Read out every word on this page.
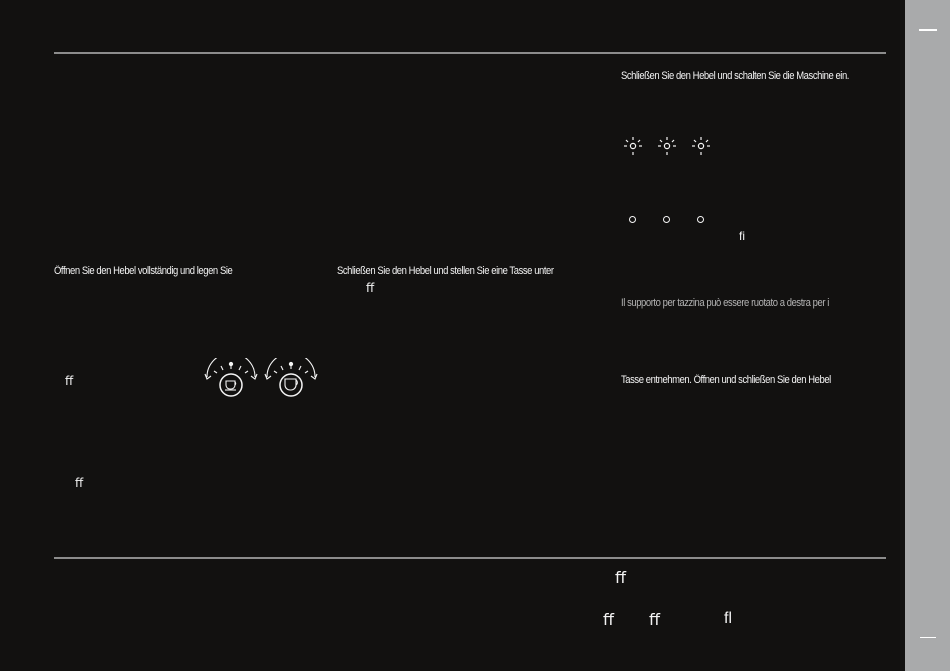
Öffnen Sie den Hebel vollständig und legen Sie
ﬀ
ﬀ
Schließen Sie den Hebel und stellen Sie eine Tasse unter
ﬀ
Schließen Sie den Hebel und schalten Sie die Maschine ein.
ﬁ
Il supporto per tazzina può essere ruotato a destra per i
Tasse entnehmen. Öffnen und schließen Sie den Hebel
ﬀ
ﬀ ﬀ	ﬂ
